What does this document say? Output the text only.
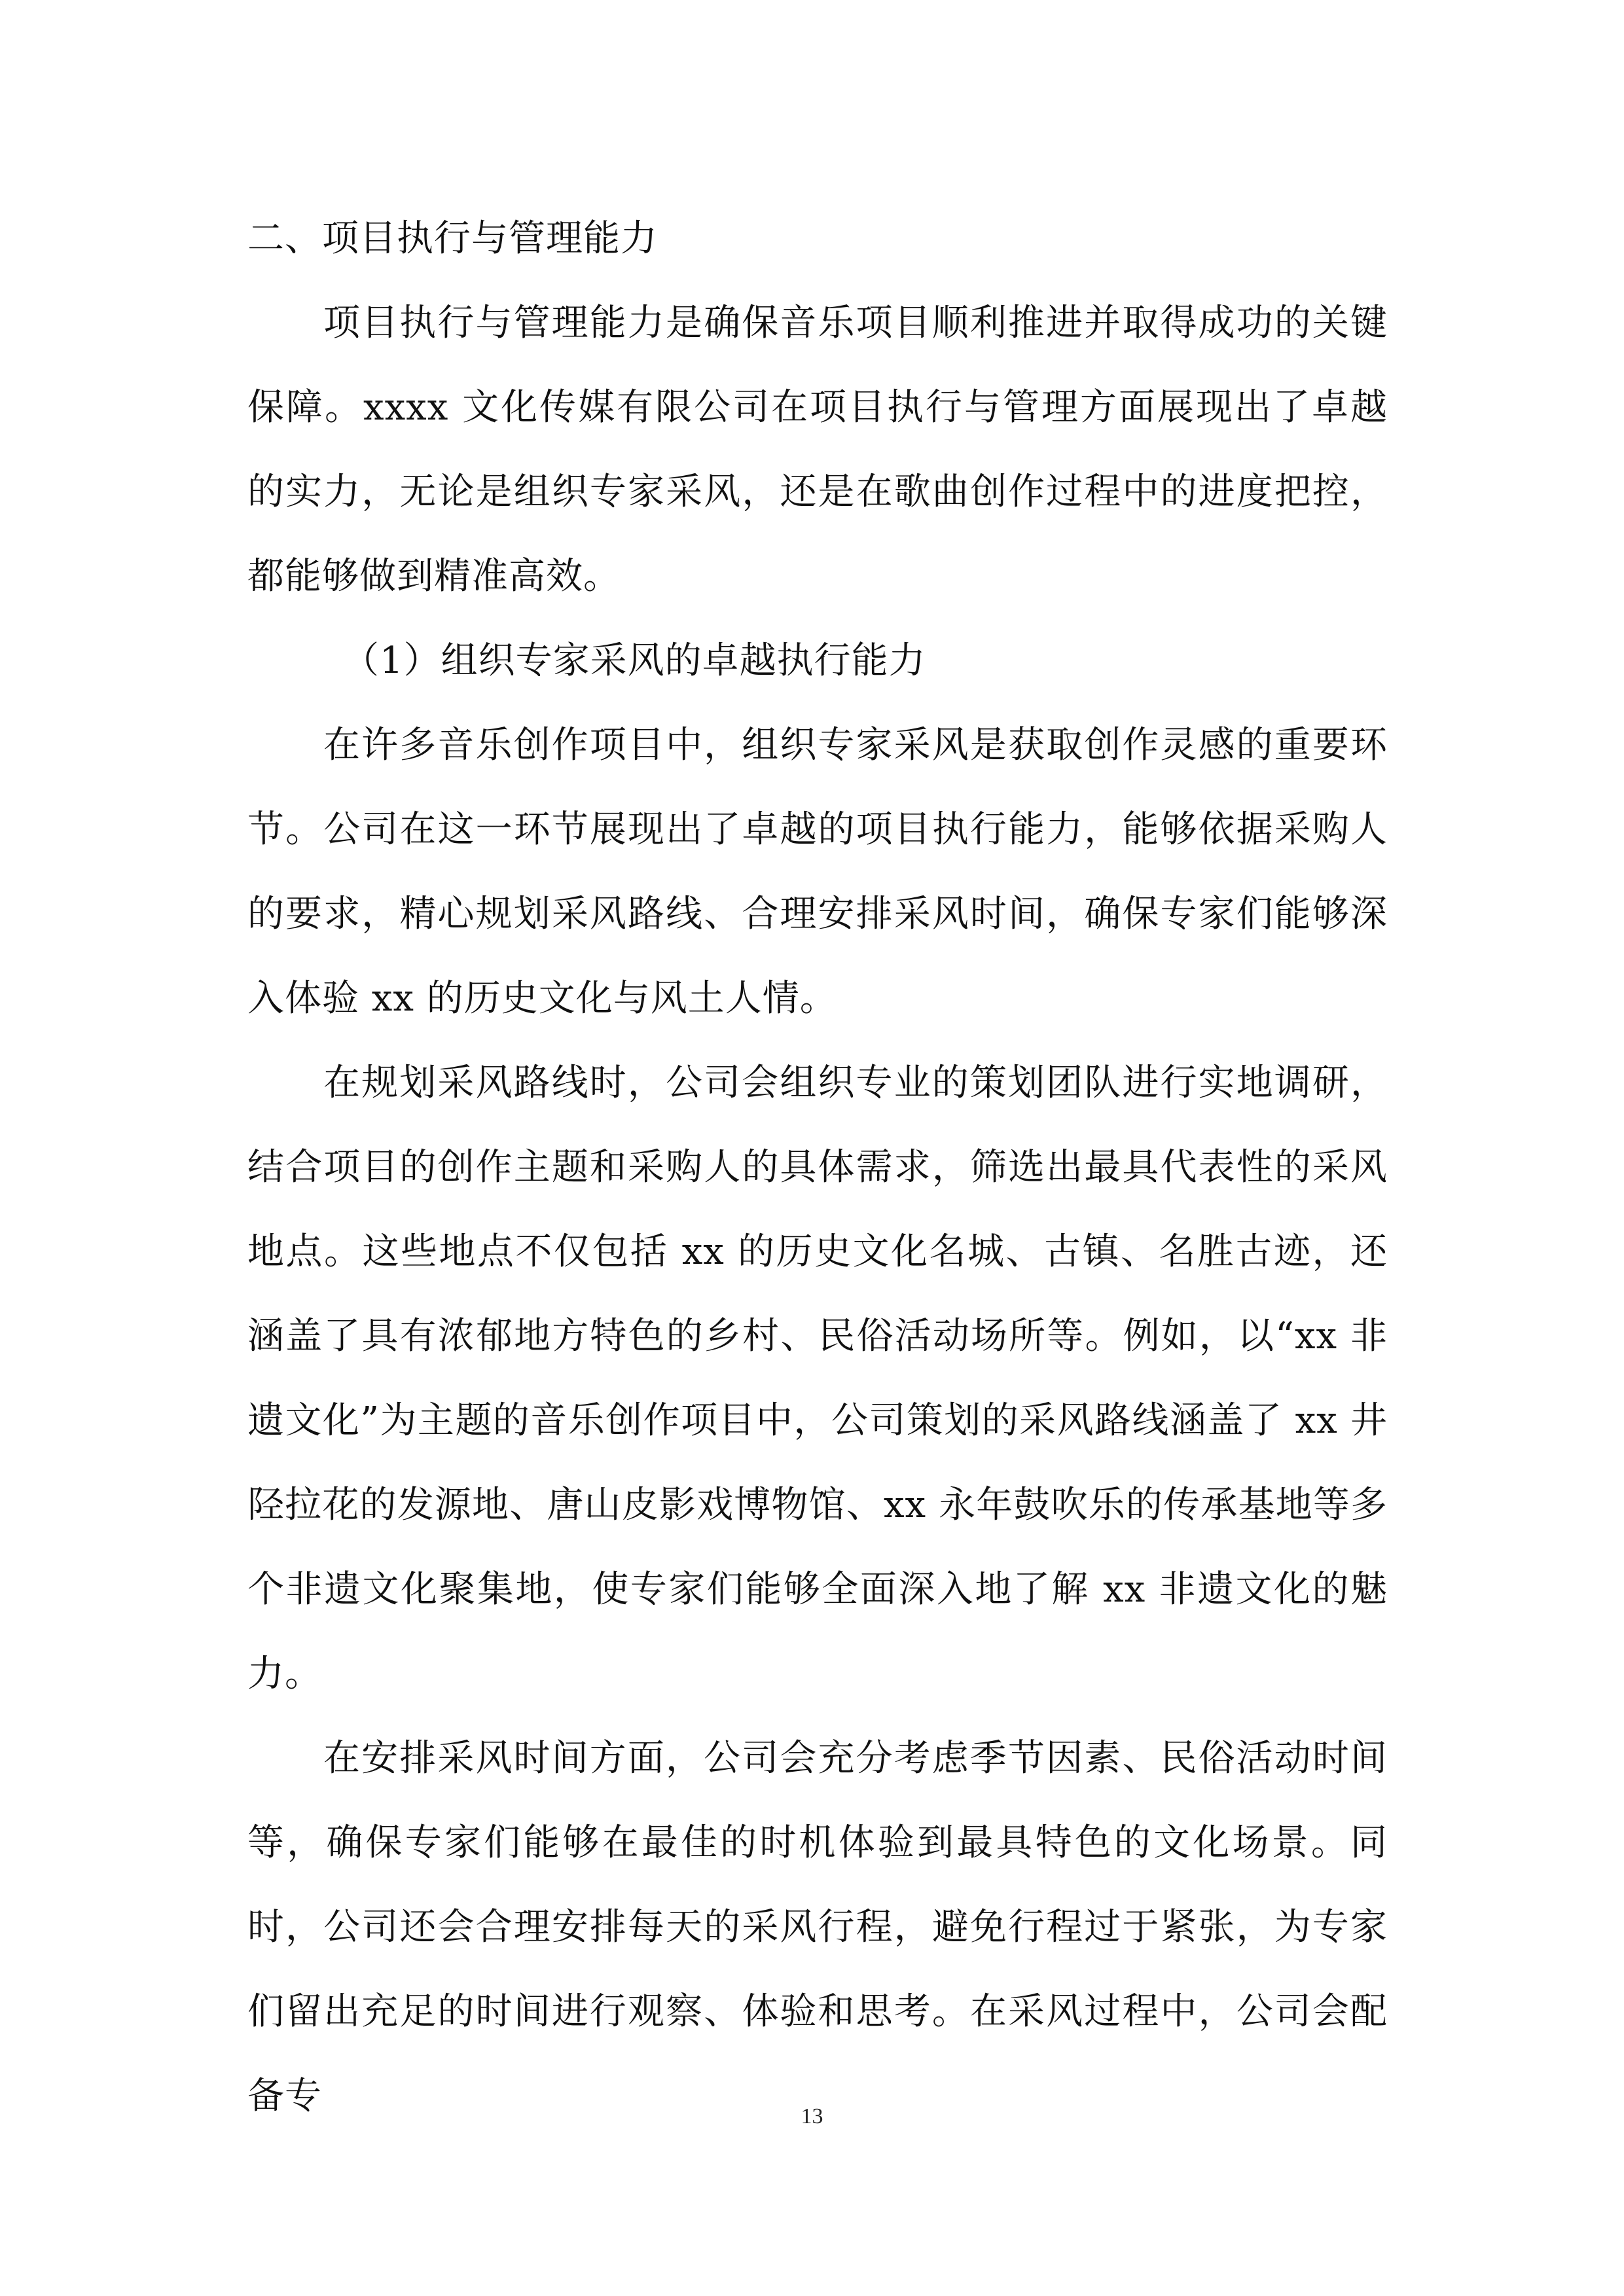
二、项目执行与管理能力

项目执行与管理能力是确保音乐项目顺利推进并取得成功的关键保障。xxxx 文化传媒有限公司在项目执行与管理方面展现出了卓越的实力，无论是组织专家采风，还是在歌曲创作过程中的进度把控，都能够做到精准高效。

（1）组织专家采风的卓越执行能力

在许多音乐创作项目中，组织专家采风是获取创作灵感的重要环节。公司在这一环节展现出了卓越的项目执行能力，能够依据采购人的要求，精心规划采风路线、合理安排采风时间，确保专家们能够深入体验 xx 的历史文化与风土人情。

在规划采风路线时，公司会组织专业的策划团队进行实地调研，结合项目的创作主题和采购人的具体需求，筛选出最具代表性的采风地点。这些地点不仅包括 xx 的历史文化名城、古镇、名胜古迹，还涵盖了具有浓郁地方特色的乡村、民俗活动场所等。例如，以“xx 非遗文化”为主题的音乐创作项目中，公司策划的采风路线涵盖了 xx 井陉拉花的发源地、唐山皮影戏博物馆、xx 永年鼓吹乐的传承基地等多个非遗文化聚集地，使专家们能够全面深入地了解 xx 非遗文化的魅力。

在安排采风时间方面，公司会充分考虑季节因素、民俗活动时间等，确保专家们能够在最佳的时机体验到最具特色的文化场景。同时，公司还会合理安排每天的采风行程，避免行程过于紧张，为专家们留出充足的时间进行观察、体验和思考。在采风过程中，公司会配备专	13
